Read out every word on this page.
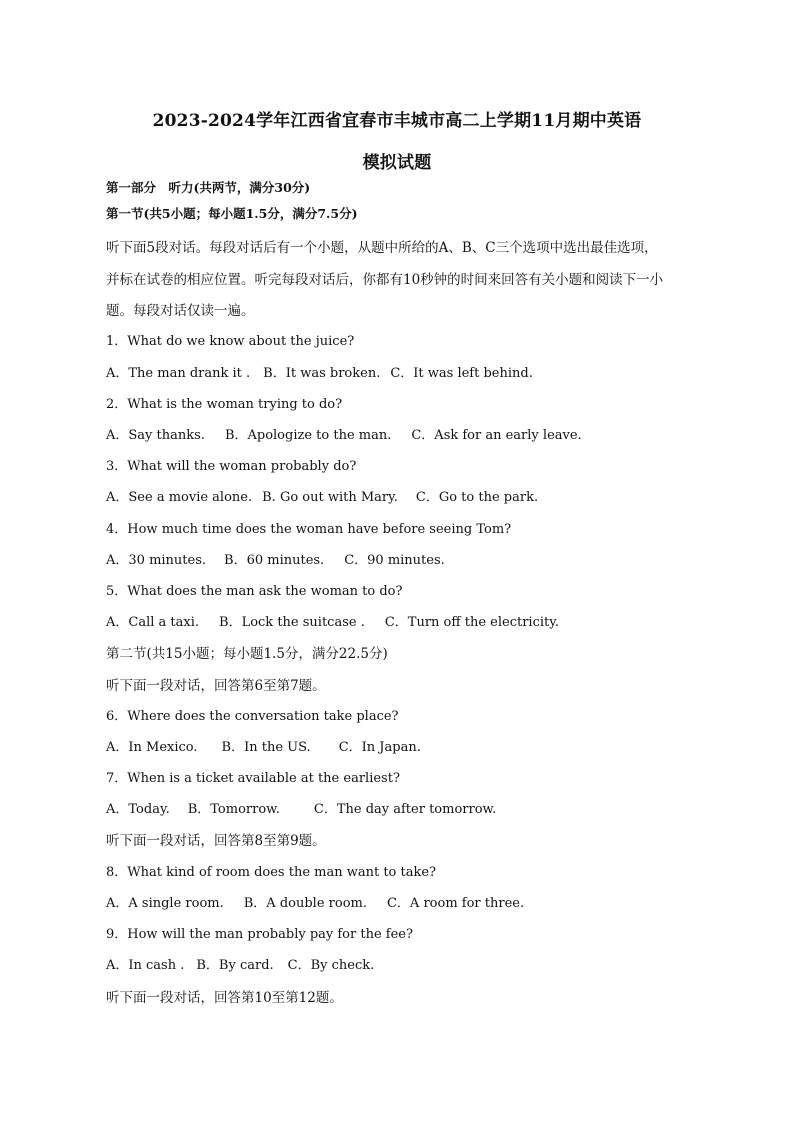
2023-2024学年江西省宜春市丰城市高二上学期11月期中英语
模拟试题
第一部分　听力(共两节，满分30分)
第一节(共5小题；每小题1.5分，满分7.5分)
听下面5段对话。每段对话后有一个小题，从题中所给的A、B、C三个选项中选出最佳选项，
并标在试卷的相应位置。听完每段对话后，你都有10秒钟的时间来回答有关小题和阅读下一小
题。每段对话仅读一遍。
1．What do we know about the juice?
A．The man drank it . B．It was broken. C．It was left behind.
2．What is the woman trying to do?
A．Say thanks. B．Apologize to the man. C．Ask for an early leave.
3．What will the woman probably do?
A．See a movie alone. B. Go out with Mary. C．Go to the park.
4．How much time does the woman have before seeing Tom?
A．30 minutes. B．60 minutes. C．90 minutes.
5．What does the man ask the woman to do?
A．Call a taxi. B．Lock the suitcase . C．Turn off the electricity.
第二节(共15小题；每小题1.5分，满分22.5分)
听下面一段对话，回答第6至第7题。
6．Where does the conversation take place?
A．In Mexico. B．In the US. C．In Japan.
7．When is a ticket available at the earliest?
A．Today. B．Tomorrow.	C．The day after tomorrow.
听下面一段对话，回答第8至第9题。
8．What kind of room does the man want to take?
A．A single room. B．A double room. C．A room for three.
9．How will the man probably pay for the fee?
A．In cash . B．By card. C．By check.
听下面一段对话，回答第10至第12题。
